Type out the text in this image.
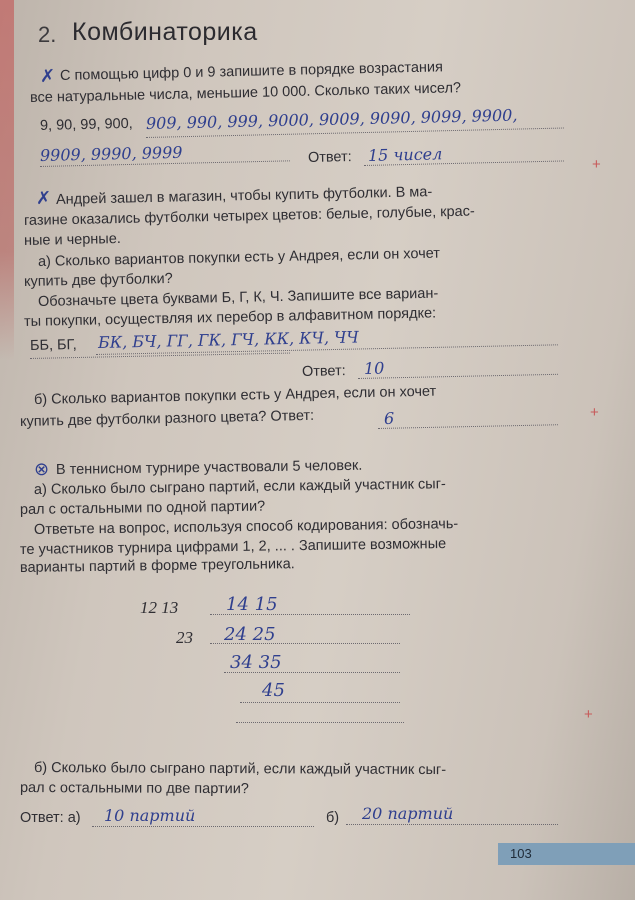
2. Комбинаторика
✗ С помощью цифр 0 и 9 запишите в порядке возрастания
все натуральные числа, меньшие 10 000. Сколько таких чисел?
9, 90, 99, 900, 909, 990, 999, 9000, 9009, 9090, 9099, 9900,
9909, 9990, 9999	Ответ: 15 чисел	+
✗ Андрей зашел в магазин, чтобы купить футболки. В ма-
газине оказались футболки четырех цветов: белые, голубые, крас-
ные и черные.
а) Сколько вариантов покупки есть у Андрея, если он хочет
купить две футболки?
Обозначьте цвета буквами Б, Г, К, Ч. Запишите все вариан-
ты покупки, осуществляя их перебор в алфавитном порядке:
ББ, БГ, БК, БЧ, ГГ, ГК, ГЧ, КК, КЧ, ЧЧ
Ответ: 10
б) Сколько вариантов покупки есть у Андрея, если он хочет
купить две футболки разного цвета? Ответ:	6	+
⊗ В теннисном турнире участвовали 5 человек.
а) Сколько было сыграно партий, если каждый участник сыг-
рал с остальными по одной партии?
Ответьте на вопрос, используя способ кодирования: обозначь-
те участников турнира цифрами 1, 2, ... . Запишите возможные
варианты партий в форме треугольника.
12 13	14 15
23 24 25
34 35
45
+
б) Сколько было сыграно партий, если каждый участник сыг-
рал с остальными по две партии?
Ответ: а) 10 партий	б) 20 партий
103
